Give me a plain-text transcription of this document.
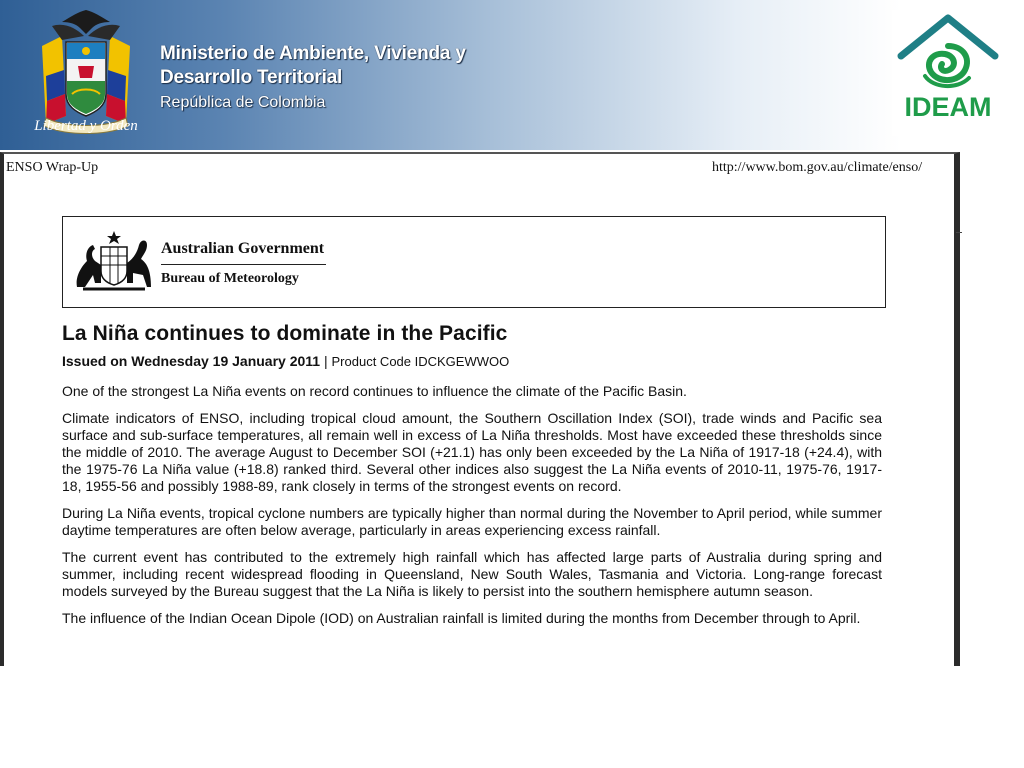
Libertad y Orden
Ministerio de Ambiente, Vivienda y
Desarrollo Territorial
República de Colombia	IDEAM
ENSO Wrap-Up	http://www.bom.gov.au/climate/enso/
Australian Government
Bureau of Meteorology
La Niña continues to dominate in the Pacific
Issued on Wednesday 19 January 2011 | Product Code IDCKGEWWOO

One of the strongest La Niña events on record continues to influence the climate of the Pacific Basin.

Climate indicators of ENSO, including tropical cloud amount, the Southern Oscillation Index (SOI), trade winds and Pacific sea surface and sub-surface temperatures, all remain well in excess of La Niña thresholds. Most have exceeded these thresholds since the middle of 2010. The average August to December SOI (+21.1) has only been exceeded by the La Niña of 1917-18 (+24.4), with the 1975-76 La Niña value (+18.8) ranked third. Several other indices also suggest the La Niña events of 2010-11, 1975-76, 1917-18, 1955-56 and possibly 1988-89, rank closely in terms of the strongest events on record.

During La Niña events, tropical cyclone numbers are typically higher than normal during the November to April period, while summer daytime temperatures are often below average, particularly in areas experiencing excess rainfall.

The current event has contributed to the extremely high rainfall which has affected large parts of Australia during spring and summer, including recent widespread flooding in Queensland, New South Wales, Tasmania and Victoria. Long-range forecast models surveyed by the Bureau suggest that the La Niña is likely to persist into the southern hemisphere autumn season.

The influence of the Indian Ocean Dipole (IOD) on Australian rainfall is limited during the months from December through to April.
